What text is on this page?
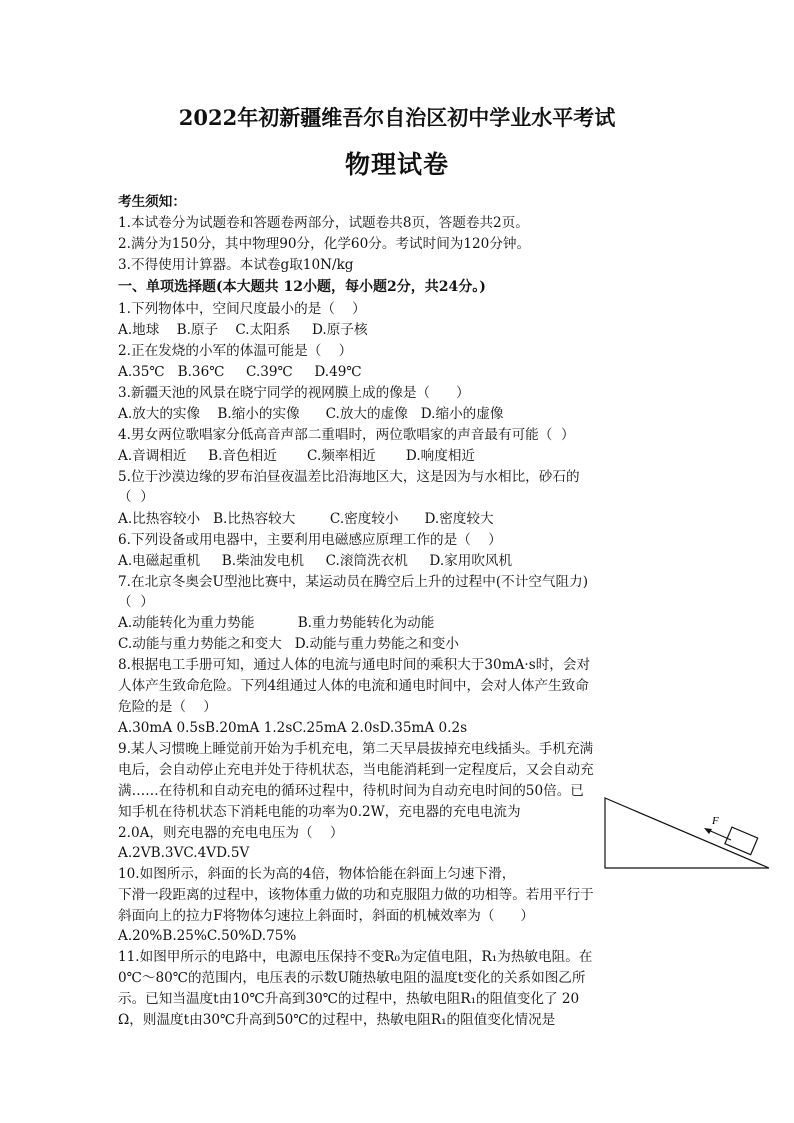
2022年初新疆维吾尔自治区初中学业水平考试
物理试卷
考生须知：
1.本试卷分为试题卷和答题卷两部分，试题卷共8页，答题卷共2页。
2.满分为150分，其中物理90分，化学60分。考试时间为120分钟。
3.不得使用计算器。本试卷g取10N/kg
一、单项选择题(本大题共 12小题，每小题2分，共24分。)
1.下列物体中，空间尺度最小的是（    ）
A.地球    B.原子    C.太阳系     D.原子核
2.正在发烧的小军的体温可能是（    ）
A.35℃   B.36℃     C.39℃     D.49℃
3.新疆天池的风景在晓宁同学的视网膜上成的像是（      ）
A.放大的实像    B.缩小的实像      C.放大的虚像   D.缩小的虚像
4.男女两位歌唱家分低高音声部二重唱时，两位歌唱家的声音最有可能（  ）
A.音调相近     B.音色相近       C.频率相近       D.响度相近
5.位于沙漠边缘的罗布泊昼夜温差比沿海地区大，这是因为与水相比，砂石的
（  ）
A.比热容较小   B.比热容较大        C.密度较小      D.密度较大
6.下列设备或用电器中，主要利用电磁感应原理工作的是（    ）
A.电磁起重机     B.柴油发电机     C.滚筒洗衣机     D.家用吹风机
7.在北京冬奥会U型池比赛中，某运动员在腾空后上升的过程中(不计空气阻力)
（  ）
A.动能转化为重力势能          B.重力势能转化为动能
C.动能与重力势能之和变大   D.动能与重力势能之和变小
8.根据电工手册可知，通过人体的电流与通电时间的乘积大于30mA·s时，会对
人体产生致命危险。下列4组通过人体的电流和通电时间中，会对人体产生致命
危险的是（    ）
A.30mA 0.5sB.20mA 1.2sC.25mA 2.0sD.35mA 0.2s
9.某人习惯晚上睡觉前开始为手机充电，第二天早晨拔掉充电线插头。手机充满
电后，会自动停止充电并处于待机状态，当电能消耗到一定程度后，又会自动充
满……在待机和自动充电的循环过程中，待机时间为自动充电时间的50倍。已
知手机在待机状态下消耗电能的功率为0.2W，充电器的充电电流为
2.0A，则充电器的充电电压为（    ）
A.2VB.3VC.4VD.5V
10.如图所示，斜面的长为高的4倍，物体恰能在斜面上匀速下滑，
下滑一段距离的过程中，该物体重力做的功和克服阻力做的功相等。若用平行于
斜面向上的拉力F将物体匀速拉上斜面时，斜面的机械效率为（      ）
A.20%B.25%C.50%D.75%
11.如图甲所示的电路中，电源电压保持不变R₀为定值电阻，R₁为热敏电阻。在
0℃～80℃的范围内，电压表的示数U随热敏电阻的温度t变化的关系如图乙所
示。已知当温度t由10℃升高到30℃的过程中，热敏电阻R₁的阻值变化了 20
Ω，则温度t由30℃升高到50℃的过程中，热敏电阻R₁的阻值变化情况是
F
